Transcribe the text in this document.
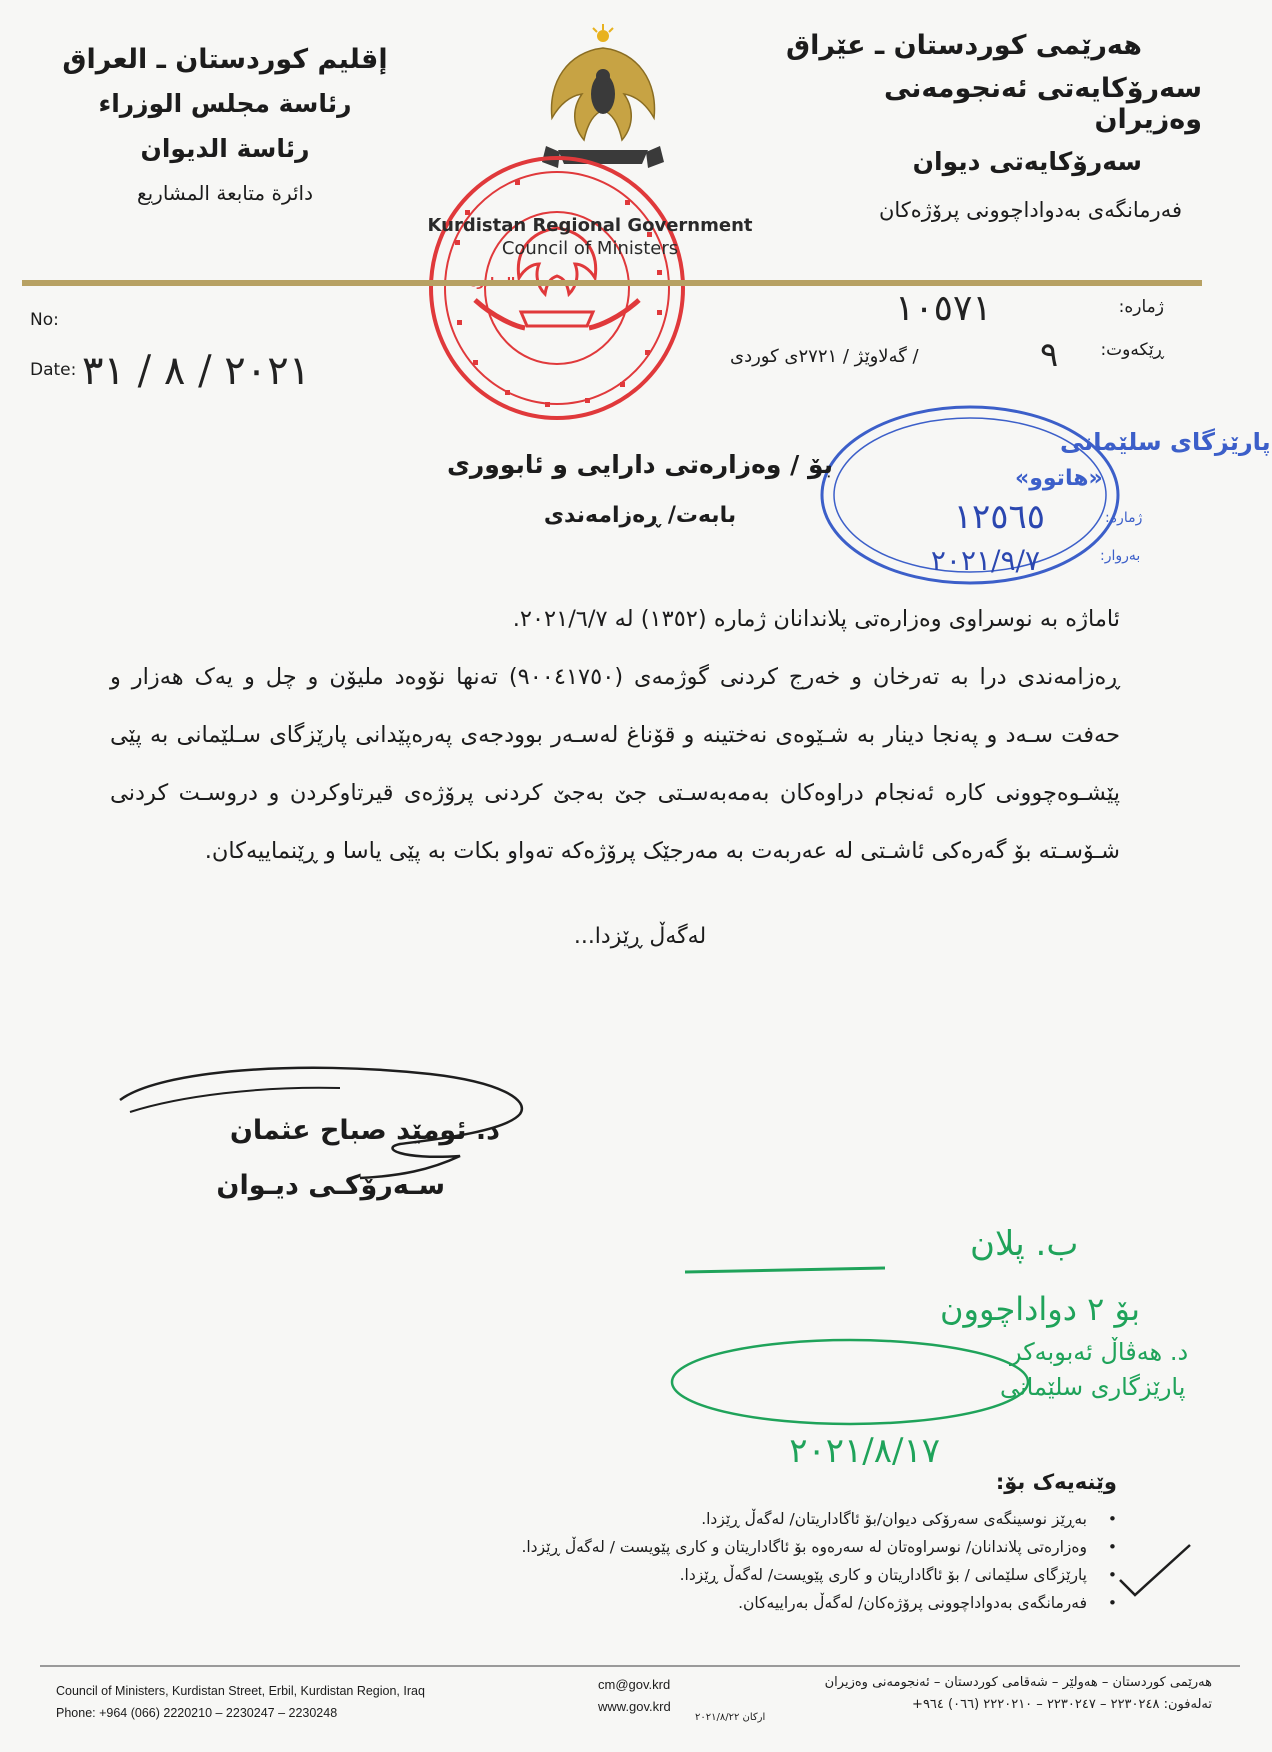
إقليم كوردستان ـ العراق
رئاسة مجلس الوزراء
رئاسة الديوان
دائرة متابعة المشاريع
هەرێمی کوردستان ـ عێراق
سەرۆکایەتی ئەنجومەنی وەزیران
سەرۆکایەتی دیوان
فەرمانگەی بەدواداچوونی پرۆژەکان
Kurdistan Regional Government
Council of Ministers
No:
Date:
ژمارە:
ڕێکەوت:
١٠٥٧١
٢٠٢١ / ٨ / ٣١	٩
/ گەلاوێژ / ٢٧٢١ی کوردی
پارێزگای سلێمانی
«هاتوو»
ژمارە:
١٢٥٦٥
بەروار:
٢٠٢١/٩/٧
بۆ / وەزارەتی دارایی و ئابووری
بابەت/ ڕەزامەندی

ئاماژە بە نوسراوی وەزارەتی پلاندانان ژمارە (١٣٥٢) لە ٢٠٢١/٦/٧.

ڕەزامەندی درا بە تەرخان و خەرج کردنی گوژمەی (٩٠٠٤١٧٥٠) تەنها نۆوەد ملیۆن و چل و یەک هەزار و حەفت سـەد و پەنجا دینار بە شـێوەی نەختینە و قۆناغ لەسـەر بوودجەی پەرەپێدانی پارێزگای سـلێمانی بە پێی پێشـوەچوونی کارە ئەنجام دراوەکان بەمەبەسـتی جێ بەجێ کردنی پرۆژەی قیرتاوکردن و دروسـت کردنی شـۆسـتە بۆ گەرەکی ئاشـتی لە عەربەت بە مەرجێک پرۆژەکە تەواو بکات بە پێی یاسا و ڕێنماییەکان.

لەگەڵ ڕێزدا...
د. ئومێد صباح عثمان
سـەرۆکـی دیـوان
ب. پلان
بۆ ٢ دواداچوون
د. هەڤاڵ ئەبوبەکر
پارێزگاری سلێمانی
٢٠٢١/٨/١٧
وێنەیەک بۆ:
•
بەڕێز نوسینگەی سەرۆکی دیوان/بۆ ئاگاداریتان/ لەگەڵ ڕێزدا.
•
وەزارەتی پلاندانان/ نوسراوەتان لە سەرەوە بۆ ئاگاداریتان و کاری پێویست / لەگەڵ ڕێزدا.
•
پارێزگای سلێمانی / بۆ ئاگاداریتان و کاری پێویست/ لەگەڵ ڕێزدا.
•
فەرمانگەی بەدواداچوونی پرۆژەکان/ لەگەڵ بەراییەکان.
Council of Ministers, Kurdistan Street, Erbil, Kurdistan Region, Iraq
Phone: +964 (066) 2220210 – 2230247 – 2230248
cm@gov.krd
www.gov.krd
هەرێمی کوردستان – هەولێر – شەقامی کوردستان – ئەنجومەنی وەزیران
تەلەفون: ٢٢٣٠٢٤٨ – ٢٢٣٠٢٤٧ – ٢٢٢٠٢١٠ (٠٦٦) ٩٦٤+
ارکان ٢٠٢١/٨/٢٢
